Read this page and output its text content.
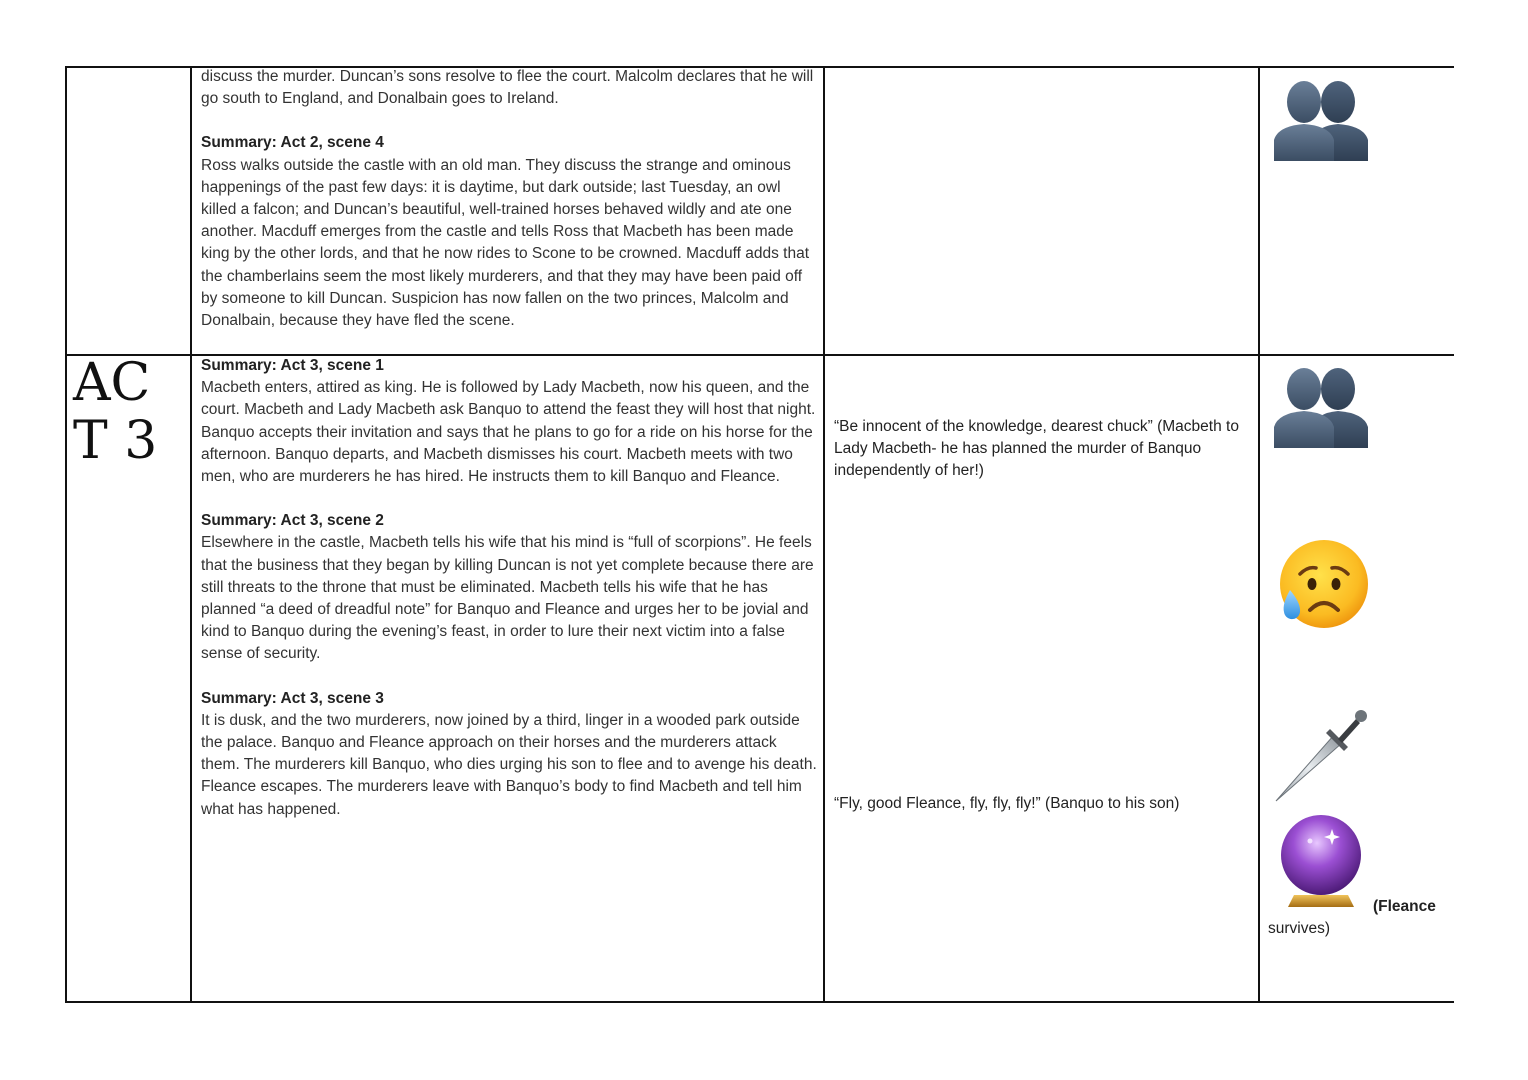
AC
T 3

discuss the murder. Duncan’s sons resolve to flee the court. Malcolm declares that he will go south to England, and Donalbain goes to Ireland.

Summary: Act 2, scene 4

Ross walks outside the castle with an old man. They discuss the strange and ominous happenings of the past few days: it is daytime, but dark outside; last Tuesday, an owl killed a falcon; and Duncan’s beautiful, well-trained horses behaved wildly and ate one another. Macduff emerges from the castle and tells Ross that Macbeth has been made king by the other lords, and that he now rides to Scone to be crowned. Macduff adds that the chamberlains seem the most likely murderers, and that they may have been paid off by someone to kill Duncan. Suspicion has now fallen on the two princes, Malcolm and Donalbain, because they have fled the scene.

Summary: Act 3, scene 1

Macbeth enters, attired as king. He is followed by Lady Macbeth, now his queen, and the court. Macbeth and Lady Macbeth ask Banquo to attend the feast they will host that night. Banquo accepts their invitation and says that he plans to go for a ride on his horse for the afternoon. Banquo departs, and Macbeth dismisses his court. Macbeth meets with two men, who are murderers he has hired. He instructs them to kill Banquo and Fleance.

Summary: Act 3, scene 2

Elsewhere in the castle, Macbeth tells his wife that his mind is “full of scorpions”. He feels that the business that they began by killing Duncan is not yet complete because there are still threats to the throne that must be eliminated. Macbeth tells his wife that he has planned “a deed of dreadful note” for Banquo and Fleance and urges her to be jovial and kind to Banquo during the evening’s feast, in order to lure their next victim into a false sense of security.

Summary: Act 3, scene 3

It is dusk, and the two murderers, now joined by a third, linger in a wooded park outside the palace. Banquo and Fleance approach on their horses and the murderers attack them. The murderers kill Banquo, who dies urging his son to flee and to avenge his death. Fleance escapes. The murderers leave with Banquo’s body to find Macbeth and tell him what has happened.

“Be innocent of the knowledge, dearest chuck” (Macbeth to Lady Macbeth- he has planned the murder of Banquo independently of her!)
“Fly, good Fleance, fly, fly, fly!” (Banquo to his son)
(Fleance
survives)
